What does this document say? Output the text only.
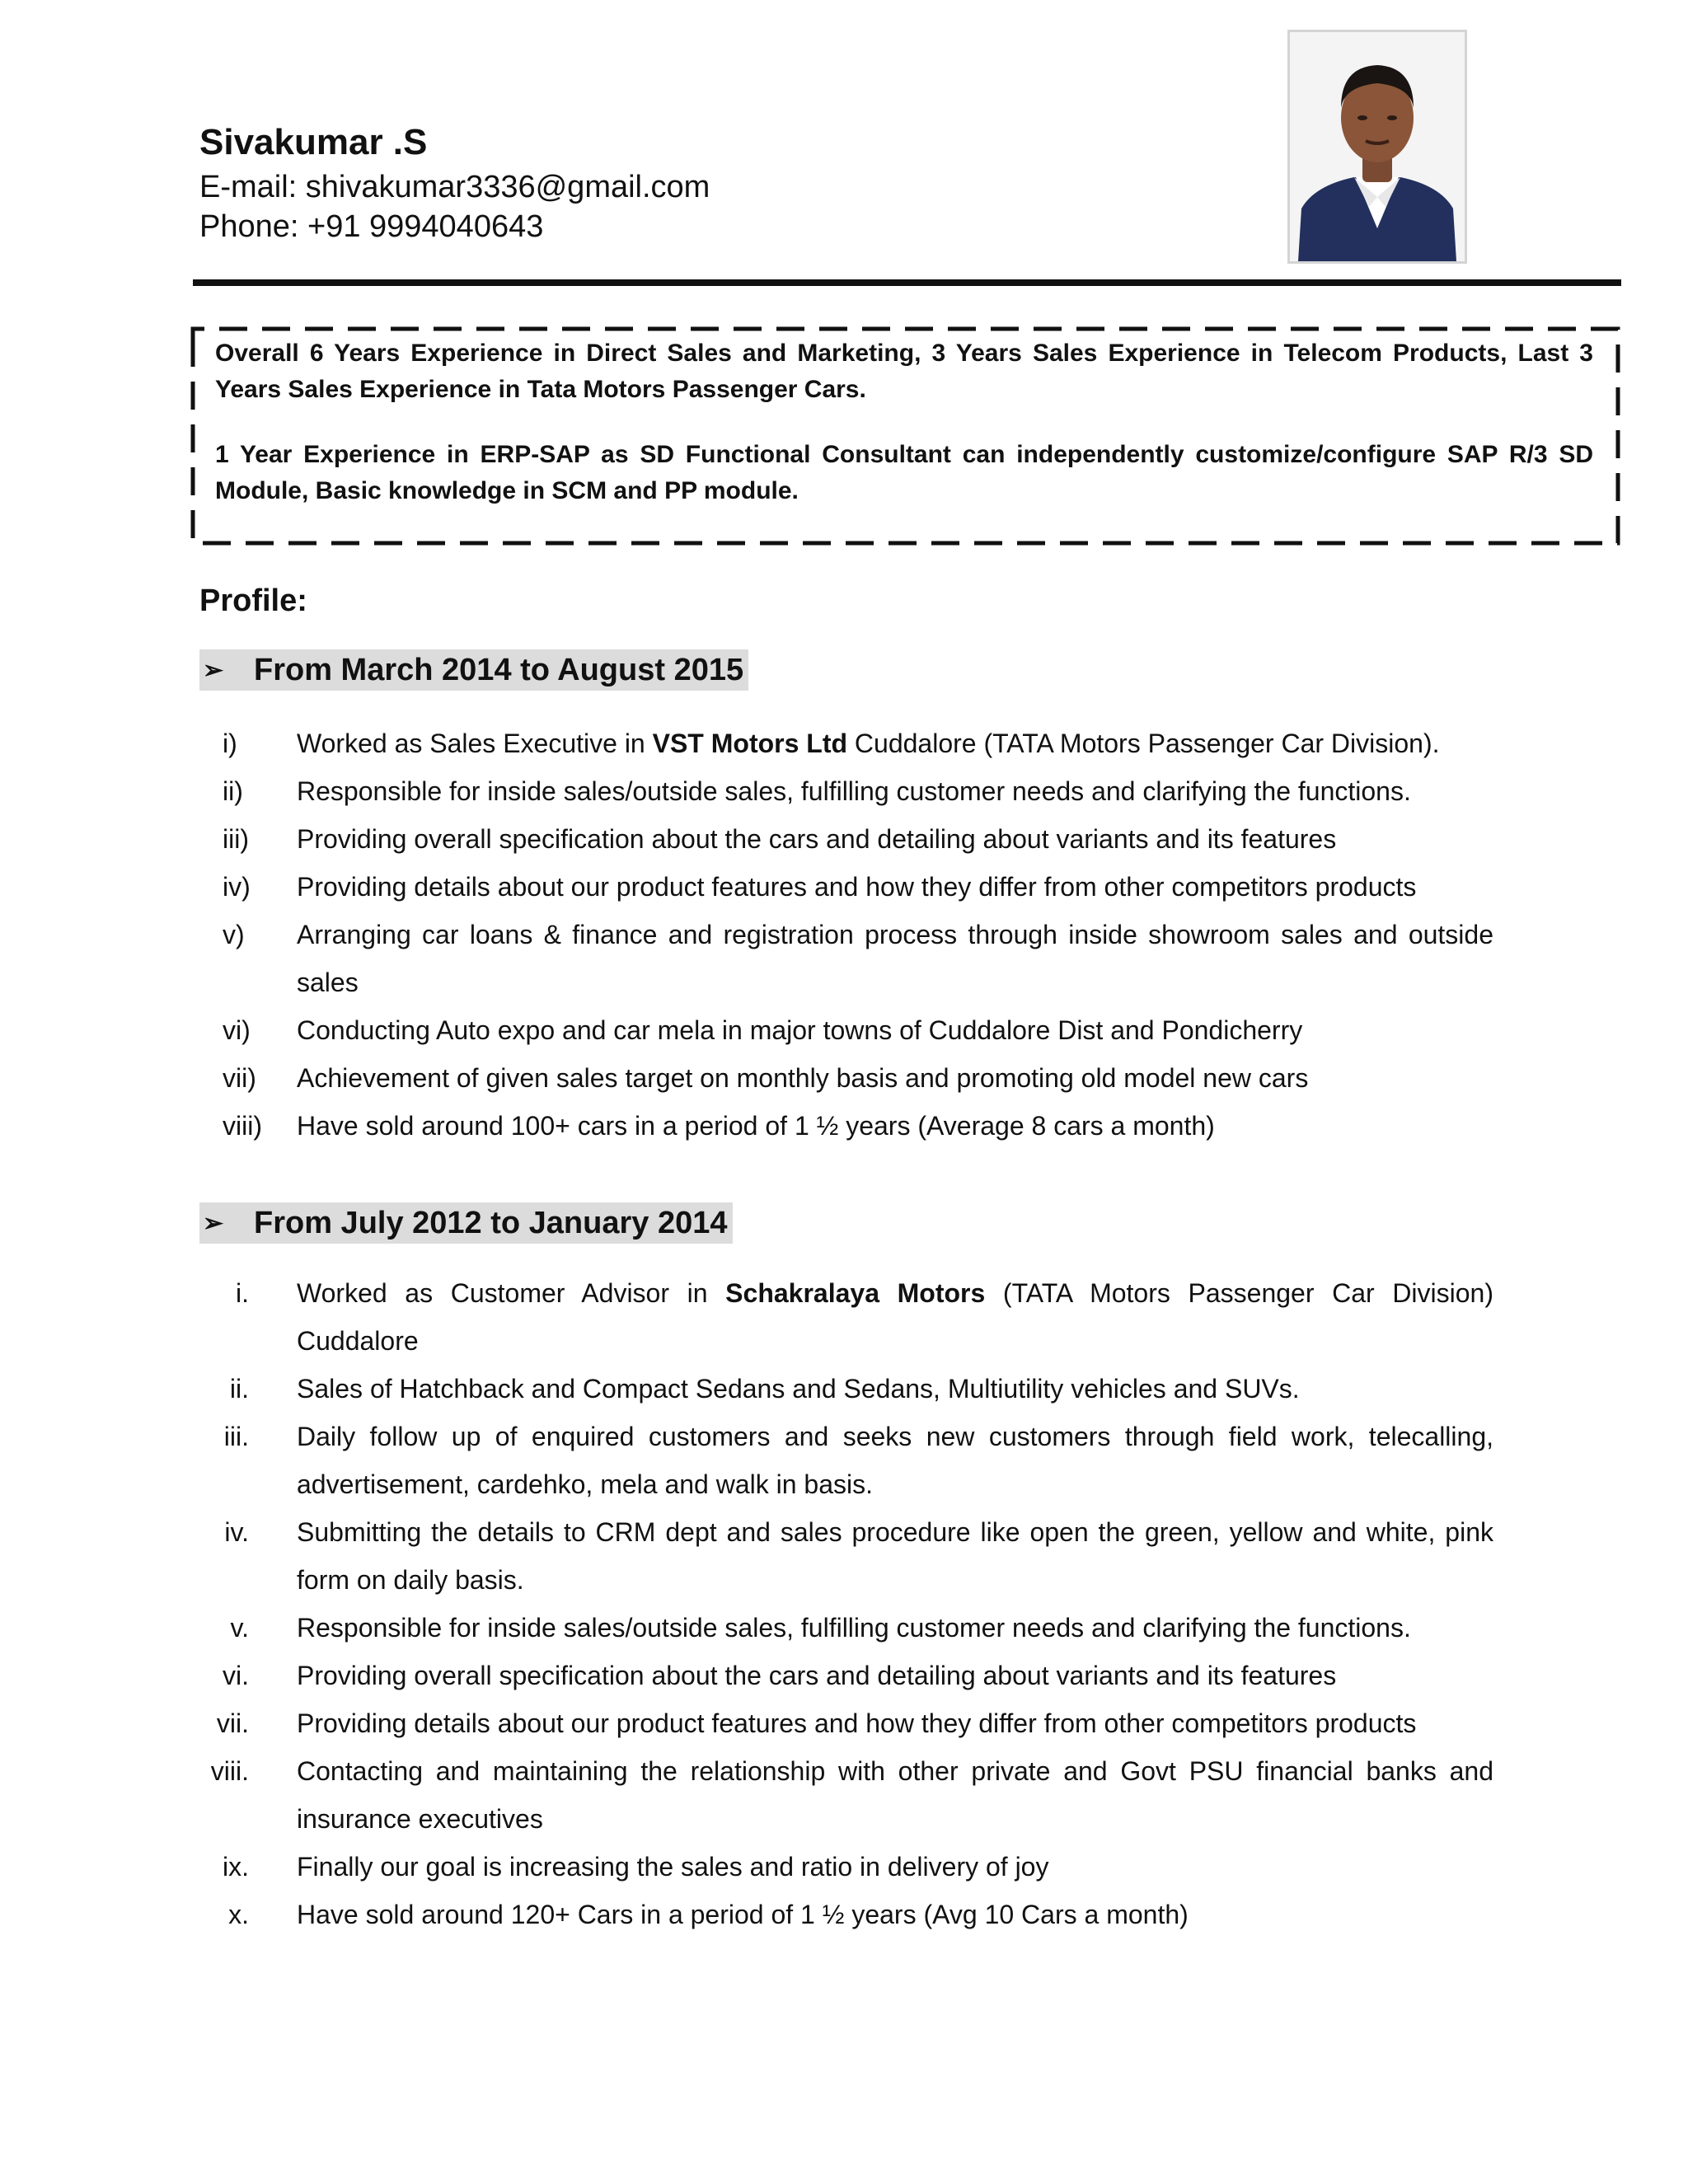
Sivakumar .S
E-mail: shivakumar3336@gmail.com
Phone: +91 9994040643

Overall 6 Years Experience in Direct Sales and Marketing, 3 Years Sales Experience in Telecom Products, Last 3 Years Sales Experience in Tata Motors Passenger Cars.

1 Year Experience in ERP-SAP as SD Functional Consultant can independently customize/configure SAP R/3 SD Module, Basic knowledge in SCM and PP module.

Profile:
➢ From March 2014 to August 2015
i)	Worked as Sales Executive in VST Motors Ltd Cuddalore (TATA Motors Passenger Car Division).
ii)	Responsible for inside sales/outside sales, fulfilling customer needs and clarifying the functions.
iii)	Providing overall specification about the cars and detailing about variants and its features
iv)	Providing details about our product features and how they differ from other competitors products
v)	Arranging car loans & finance and registration process through inside showroom sales and outside sales
vi)	Conducting Auto expo and car mela in major towns of Cuddalore Dist and Pondicherry
vii)	Achievement of given sales target on monthly basis and promoting old model new cars
viii)	Have sold around 100+ cars in a period of 1 ½ years (Average 8 cars a month)
➢ From July 2012 to January 2014
i.	Worked as Customer Advisor in Schakralaya Motors (TATA Motors Passenger Car Division) Cuddalore
ii.	Sales of Hatchback and Compact Sedans and Sedans, Multiutility vehicles and SUVs.
iii.	Daily follow up of enquired customers and seeks new customers through field work, telecalling, advertisement, cardehko, mela and walk in basis.
iv.	Submitting the details to CRM dept and sales procedure like open the green, yellow and white, pink form on daily basis.
v.	Responsible for inside sales/outside sales, fulfilling customer needs and clarifying the functions.
vi.	Providing overall specification about the cars and detailing about variants and its features
vii.	Providing details about our product features and how they differ from other competitors products
viii.	Contacting and maintaining the relationship with other private and Govt PSU financial banks and insurance executives
ix.	Finally our goal is increasing the sales and ratio in delivery of joy
x.	Have sold around 120+ Cars in a period of 1 ½ years (Avg 10 Cars a month)
